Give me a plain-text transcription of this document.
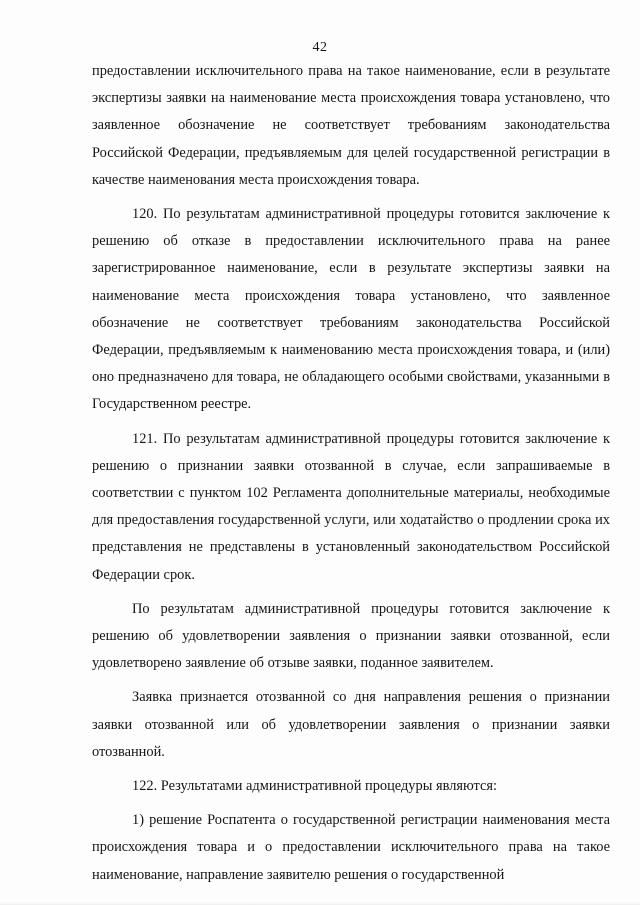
42

предоставлении исключительного права на такое наименование, если в результате экспертизы заявки на наименование места происхождения товара установлено, что заявленное обозначение не соответствует требованиям законодательства Российской Федерации, предъявляемым для целей государственной регистрации в качестве наименования места происхождения товара.

120. По результатам административной процедуры готовится заключение к решению об отказе в предоставлении исключительного права на ранее зарегистрированное наименование, если в результате экспертизы заявки на наименование места происхождения товара установлено, что заявленное обозначение не соответствует требованиям законодательства Российской Федерации, предъявляемым к наименованию места происхождения товара, и (или) оно предназначено для товара, не обладающего особыми свойствами, указанными в Государственном реестре.

121. По результатам административной процедуры готовится заключение к решению о признании заявки отозванной в случае, если запрашиваемые в соответствии с пунктом 102 Регламента дополнительные материалы, необходимые для предоставления государственной услуги, или ходатайство о продлении срока их представления не представлены в установленный законодательством Российской Федерации срок.

По результатам административной процедуры готовится заключение к решению об удовлетворении заявления о признании заявки отозванной, если удовлетворено заявление об отзыве заявки, поданное заявителем.

Заявка признается отозванной со дня направления решения о признании заявки отозванной или об удовлетворении заявления о признании заявки отозванной.

122. Результатами административной процедуры являются:

1) решение Роспатента о государственной регистрации наименования места происхождения товара и о предоставлении исключительного права на такое наименование, направление заявителю решения о государственной
